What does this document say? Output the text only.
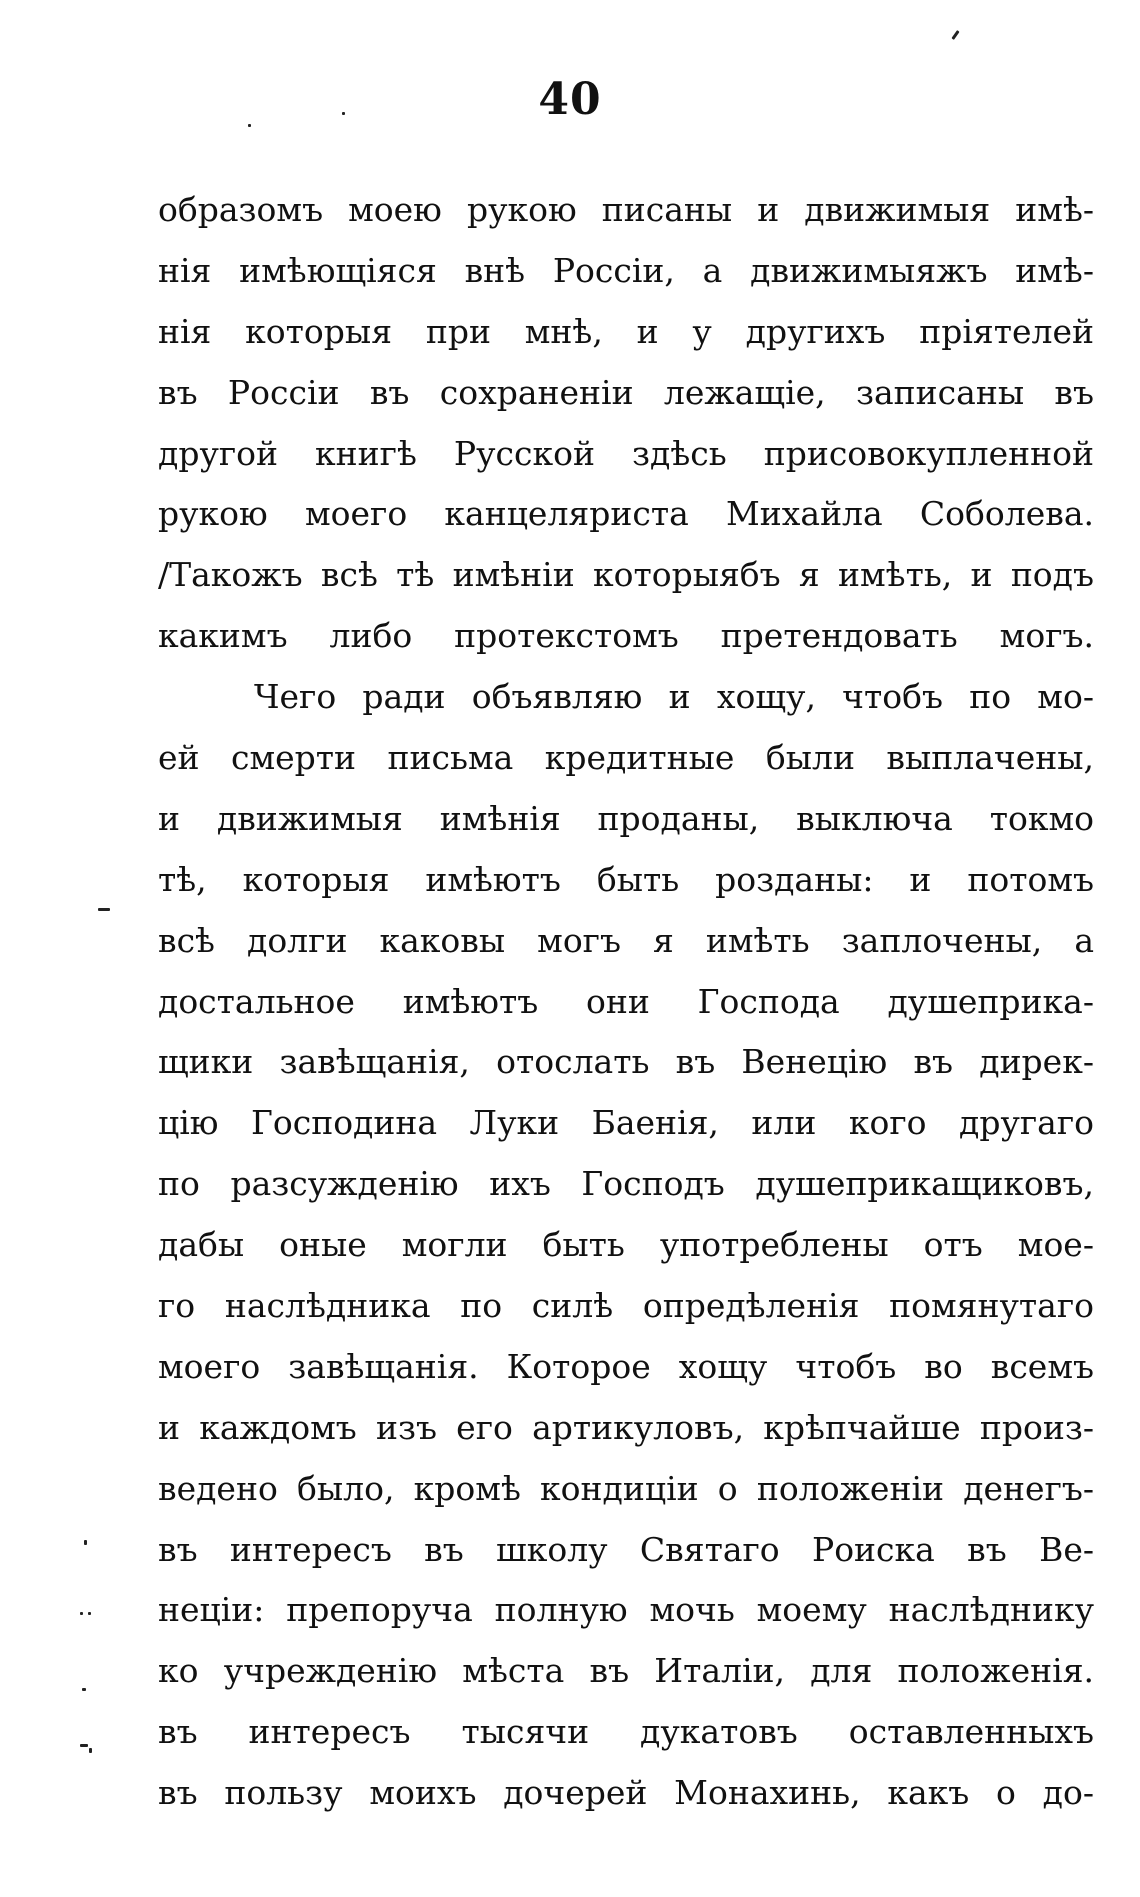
40
образомъ моею рукою писаны и движимыя имѣ-
нія имѣющіяся внѣ Россіи, а движимыяжъ имѣ-
нія которыя при мнѣ, и у другихъ пріятелей
въ Россіи въ сохраненіи лежащіе, записаны въ
другой книгѣ Русской здѣсь присовокупленной
рукою моего канцеляриста Михайла Соболева.
/Такожъ всѣ тѣ имѣніи которыябъ я имѣть, и подъ
какимъ либо протекстомъ претендовать могъ.
Чего ради объявляю и хощу, чтобъ по мо-
ей смерти письма кредитные были выплачены,
и движимыя имѣнія проданы, выключа токмо
тѣ, которыя имѣютъ быть розданы: и потомъ
всѣ долги каковы могъ я имѣть заплочены, а
достальное имѣютъ они Господа душеприка-
щики завѣщанія, отослать въ Венецію въ дирек-
цію Господина Луки Баенія, или кого другаго
по разсужденію ихъ Господъ душеприкащиковъ,
дабы оные могли быть употреблены отъ мое-
го наслѣдника по силѣ опредѣленія помянутаго
моего завѣщанія. Которое хощу чтобъ во всемъ
и каждомъ изъ его артикуловъ, крѣпчайше произ-
ведено было, кромѣ кондиціи о положеніи денегъ-
въ интересъ въ школу Святаго Роиска въ Ве-
неціи: препоруча полную мочь моему наслѣднику
ко учрежденію мѣста въ Италіи, для положенія.
въ интересъ тысячи дукатовъ оставленныхъ
въ пользу моихъ дочерей Монахинь, какъ о до-
